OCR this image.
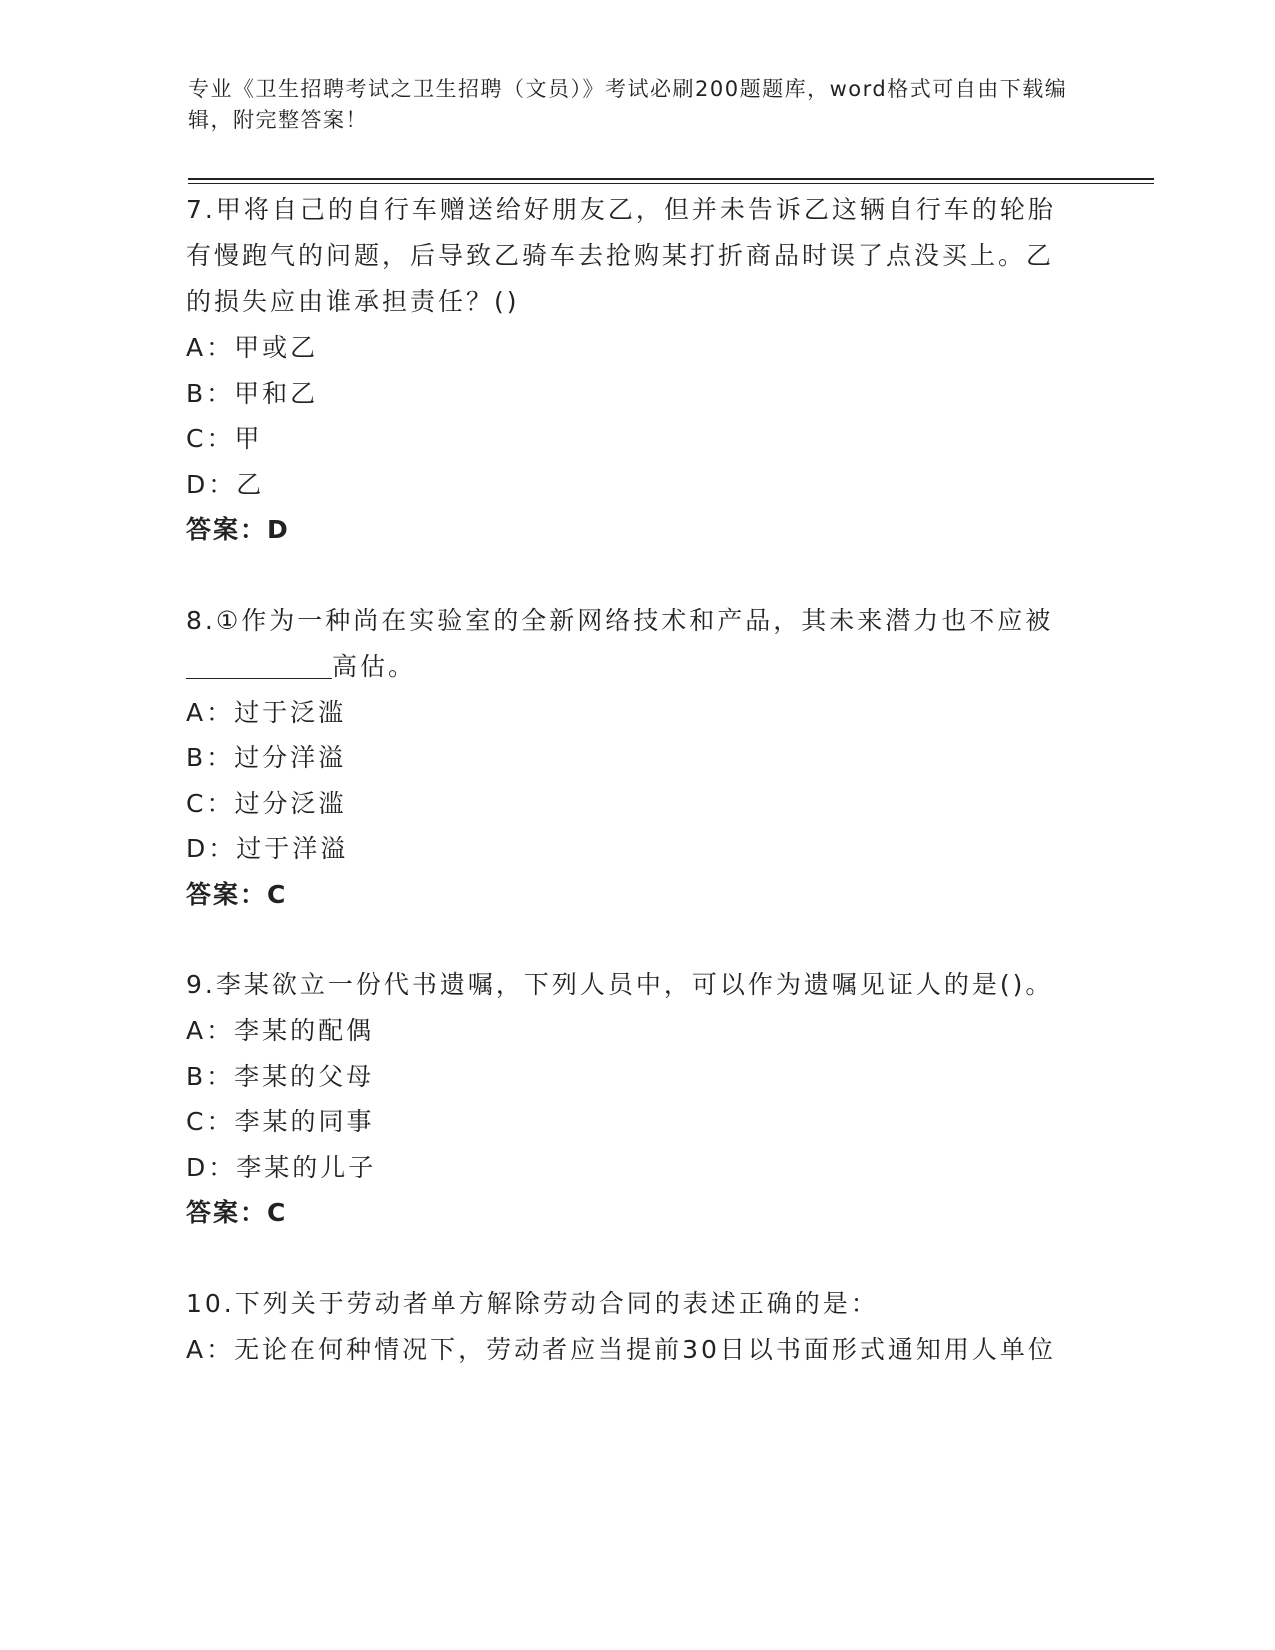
专业《卫生招聘考试之卫生招聘（文员）》考试必刷200题题库，word格式可自由下载编辑，附完整答案！

7.甲将自己的自行车赠送给好朋友乙，但并未告诉乙这辆自行车的轮胎有慢跑气的问题，后导致乙骑车去抢购某打折商品时误了点没买上。乙的损失应由谁承担责任？()

A：甲或乙

B：甲和乙

C：甲

D：乙

答案：D

8.①作为一种尚在实验室的全新网络技术和产品，其未来潜力也不应被高估。

A：过于泛滥

B：过分洋溢

C：过分泛滥

D：过于洋溢

答案：C

9.李某欲立一份代书遗嘱，下列人员中，可以作为遗嘱见证人的是()。

A：李某的配偶

B：李某的父母

C：李某的同事

D：李某的儿子

答案：C

10.下列关于劳动者单方解除劳动合同的表述正确的是：

A：无论在何种情况下，劳动者应当提前30日以书面形式通知用人单位
